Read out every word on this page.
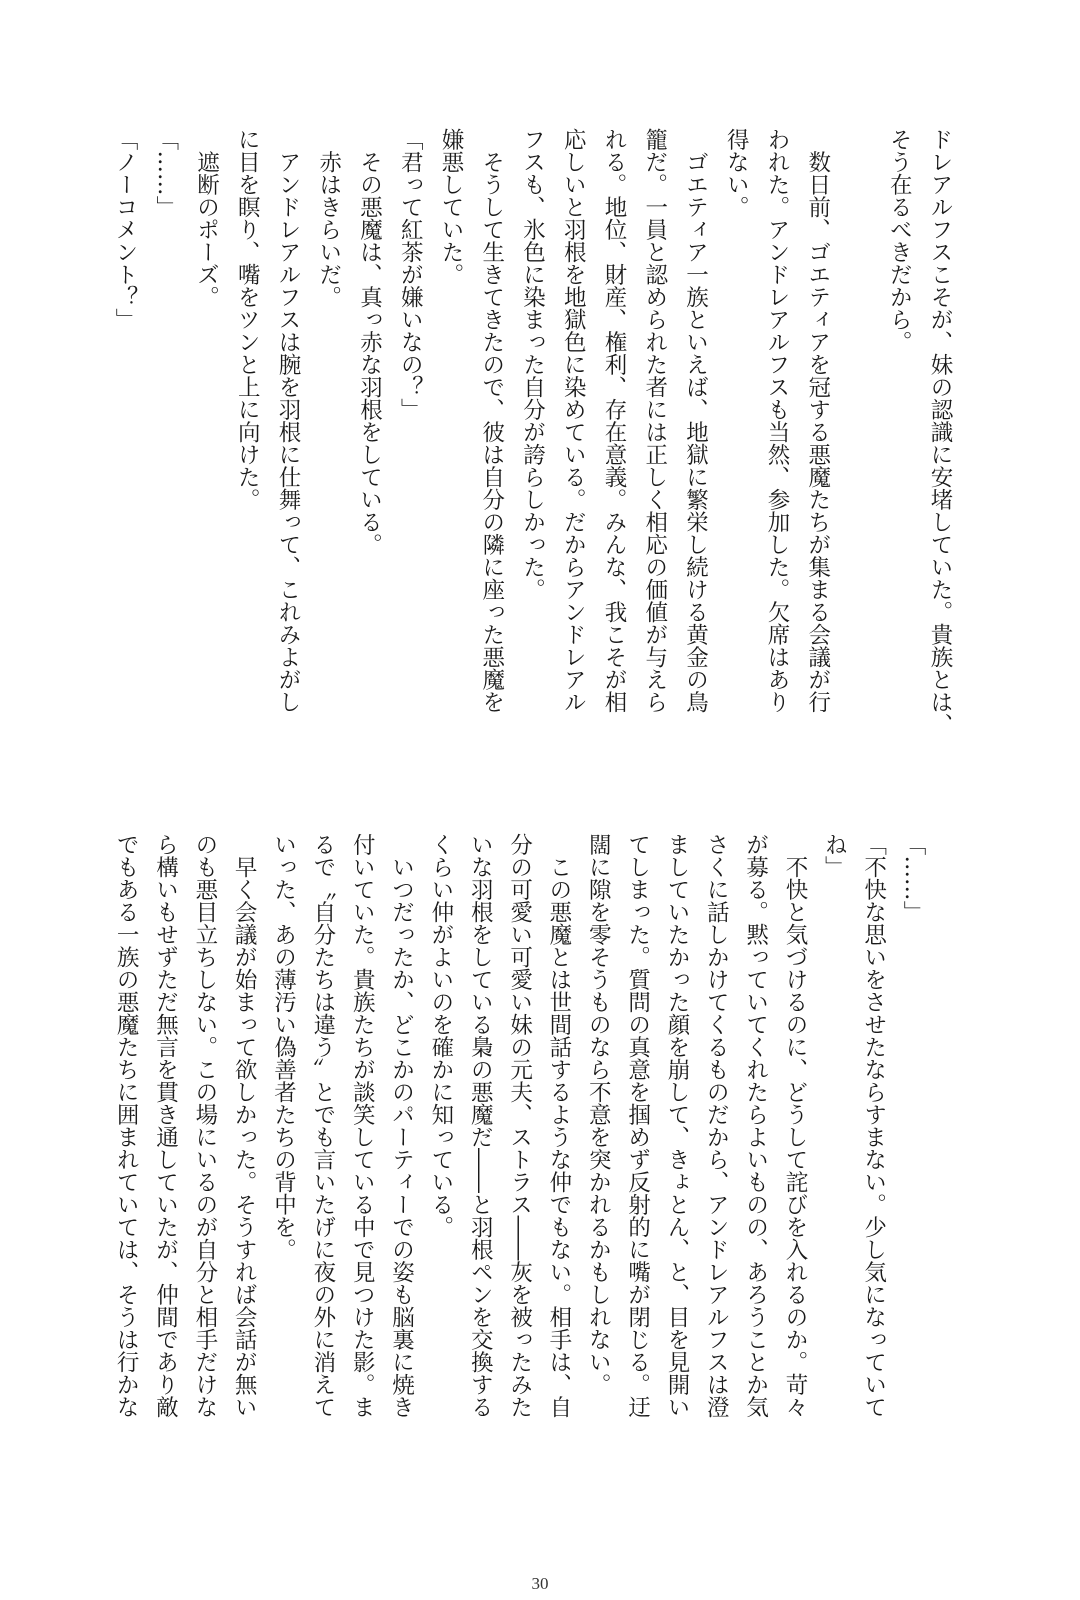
ドレアルフスこそが、妹の認識に安堵していた。貴族とは、
そう在るべきだから。
　数日前、ゴエティアを冠する悪魔たちが集まる会議が行
われた。アンドレアルフスも当然、参加した。欠席はあり
得ない。
　ゴエティア一族といえば、地獄に繁栄し続ける黄金の鳥
籠だ。一員と認められた者には正しく相応の価値が与えら
れる。地位、財産、権利、存在意義。みんな、我こそが相
応しいと羽根を地獄色に染めている。だからアンドレアル
フスも、氷色に染まった自分が誇らしかった。
　そうして生きてきたので、彼は自分の隣に座った悪魔を
嫌悪していた。
「君って紅茶が嫌いなの？」
　その悪魔は、真っ赤な羽根をしている。
　赤はきらいだ。
　アンドレアルフスは腕を羽根に仕舞って、これみよがし
に目を瞑り、嘴をツンと上に向けた。
　遮断のポーズ。
「……」
「ノーコメント？」
「……」
「不快な思いをさせたならすまない。少し気になっていて
ね」
　不快と気づけるのに、どうして詫びを入れるのか。苛々
が募る。黙っていてくれたらよいものの、あろうことか気
さくに話しかけてくるものだから、アンドレアルフスは澄
ましていたかった顔を崩して、きょとん、と、目を見開い
てしまった。質問の真意を掴めず反射的に嘴が閉じる。迂
闊に隙を零そうものなら不意を突かれるかもしれない。
　この悪魔とは世間話するような仲でもない。相手は、自
分の可愛い可愛い妹の元夫、ストラス――灰を被ったみた
いな羽根をしている梟の悪魔だ――と羽根ペンを交換する
くらい仲がよいのを確かに知っている。
　いつだったか、どこかのパーティーでの姿も脳裏に焼き
付いていた。貴族たちが談笑している中で見つけた影。ま
るで〝自分たちは違う〟とでも言いたげに夜の外に消えて
いった、あの薄汚い偽善者たちの背中を。
　早く会議が始まって欲しかった。そうすれば会話が無い
のも悪目立ちしない。この場にいるのが自分と相手だけな
ら構いもせずただ無言を貫き通していたが、仲間であり敵
でもある一族の悪魔たちに囲まれていては、そうは行かな
30
